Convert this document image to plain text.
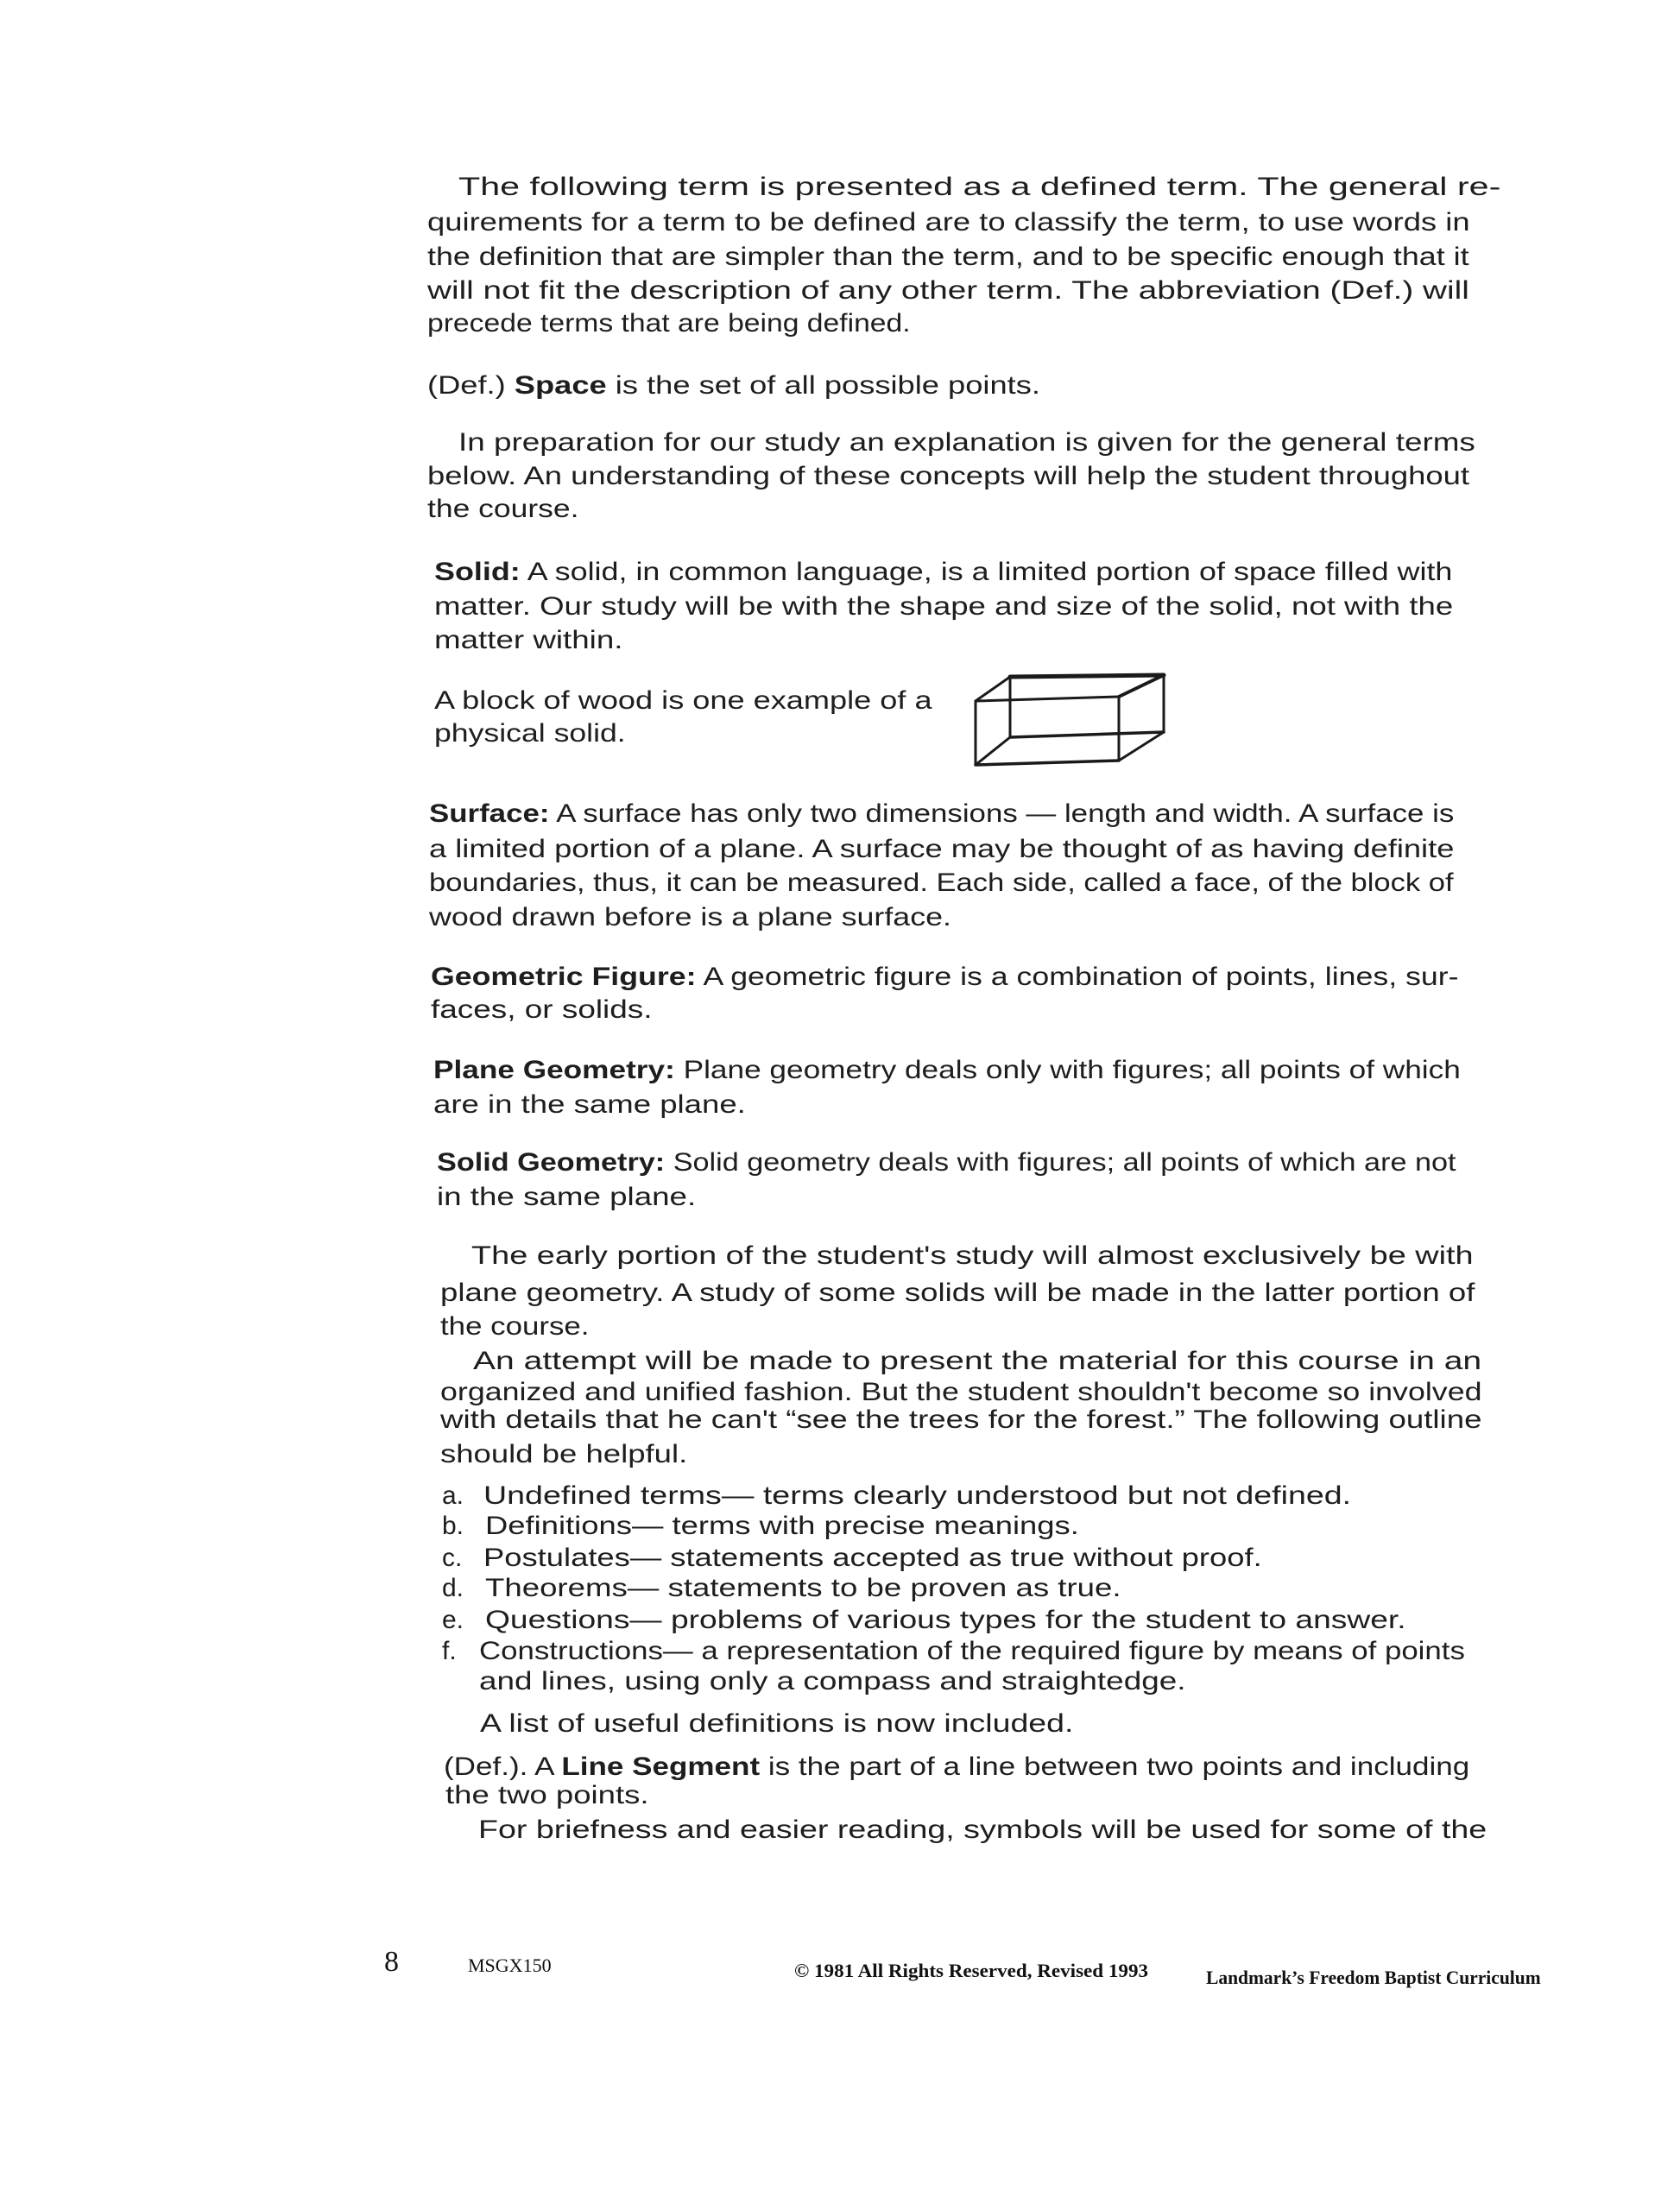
The following term is presented as a defined term. The general re-
quirements for a term to be defined are to classify the term, to use words in
the definition that are simpler than the term, and to be specific enough that it
will not fit the description of any other term. The abbreviation (Def.) will
precede terms that are being defined.
(Def.) Space is the set of all possible points.
In preparation for our study an explanation is given for the general terms
below. An understanding of these concepts will help the student throughout
the course.
Solid: A solid, in common language, is a limited portion of space filled with
matter. Our study will be with the shape and size of the solid, not with the
matter within.
A block of wood is one example of a
physical solid.
Surface: A surface has only two dimensions — length and width. A surface is
a limited portion of a plane. A surface may be thought of as having definite
boundaries, thus, it can be measured. Each side, called a face, of the block of
wood drawn before is a plane surface.
Geometric Figure: A geometric figure is a combination of points, lines, sur-
faces, or solids.
Plane Geometry: Plane geometry deals only with figures; all points of which
are in the same plane.
Solid Geometry: Solid geometry deals with figures; all points of which are not
in the same plane.
The early portion of the student's study will almost exclusively be with
plane geometry. A study of some solids will be made in the latter portion of
the course.
An attempt will be made to present the material for this course in an
organized and unified fashion. But the student shouldn't become so involved
with details that he can't “see the trees for the forest.” The following outline
should be helpful.
a. Undefined terms— terms clearly understood but not defined.
b. Definitions— terms with precise meanings.
c. Postulates— statements accepted as true without proof.
d. Theorems— statements to be proven as true.
e. Questions— problems of various types for the student to answer.
f. Constructions— a representation of the required figure by means of points
and lines, using only a compass and straightedge.
A list of useful definitions is now included.
(Def.). A Line Segment is the part of a line between two points and including
the two points.
For briefness and easier reading, symbols will be used for some of the
8	MSGX150	© 1981 All Rights Reserved, Revised 1993	Landmark’s Freedom Baptist Curriculum
